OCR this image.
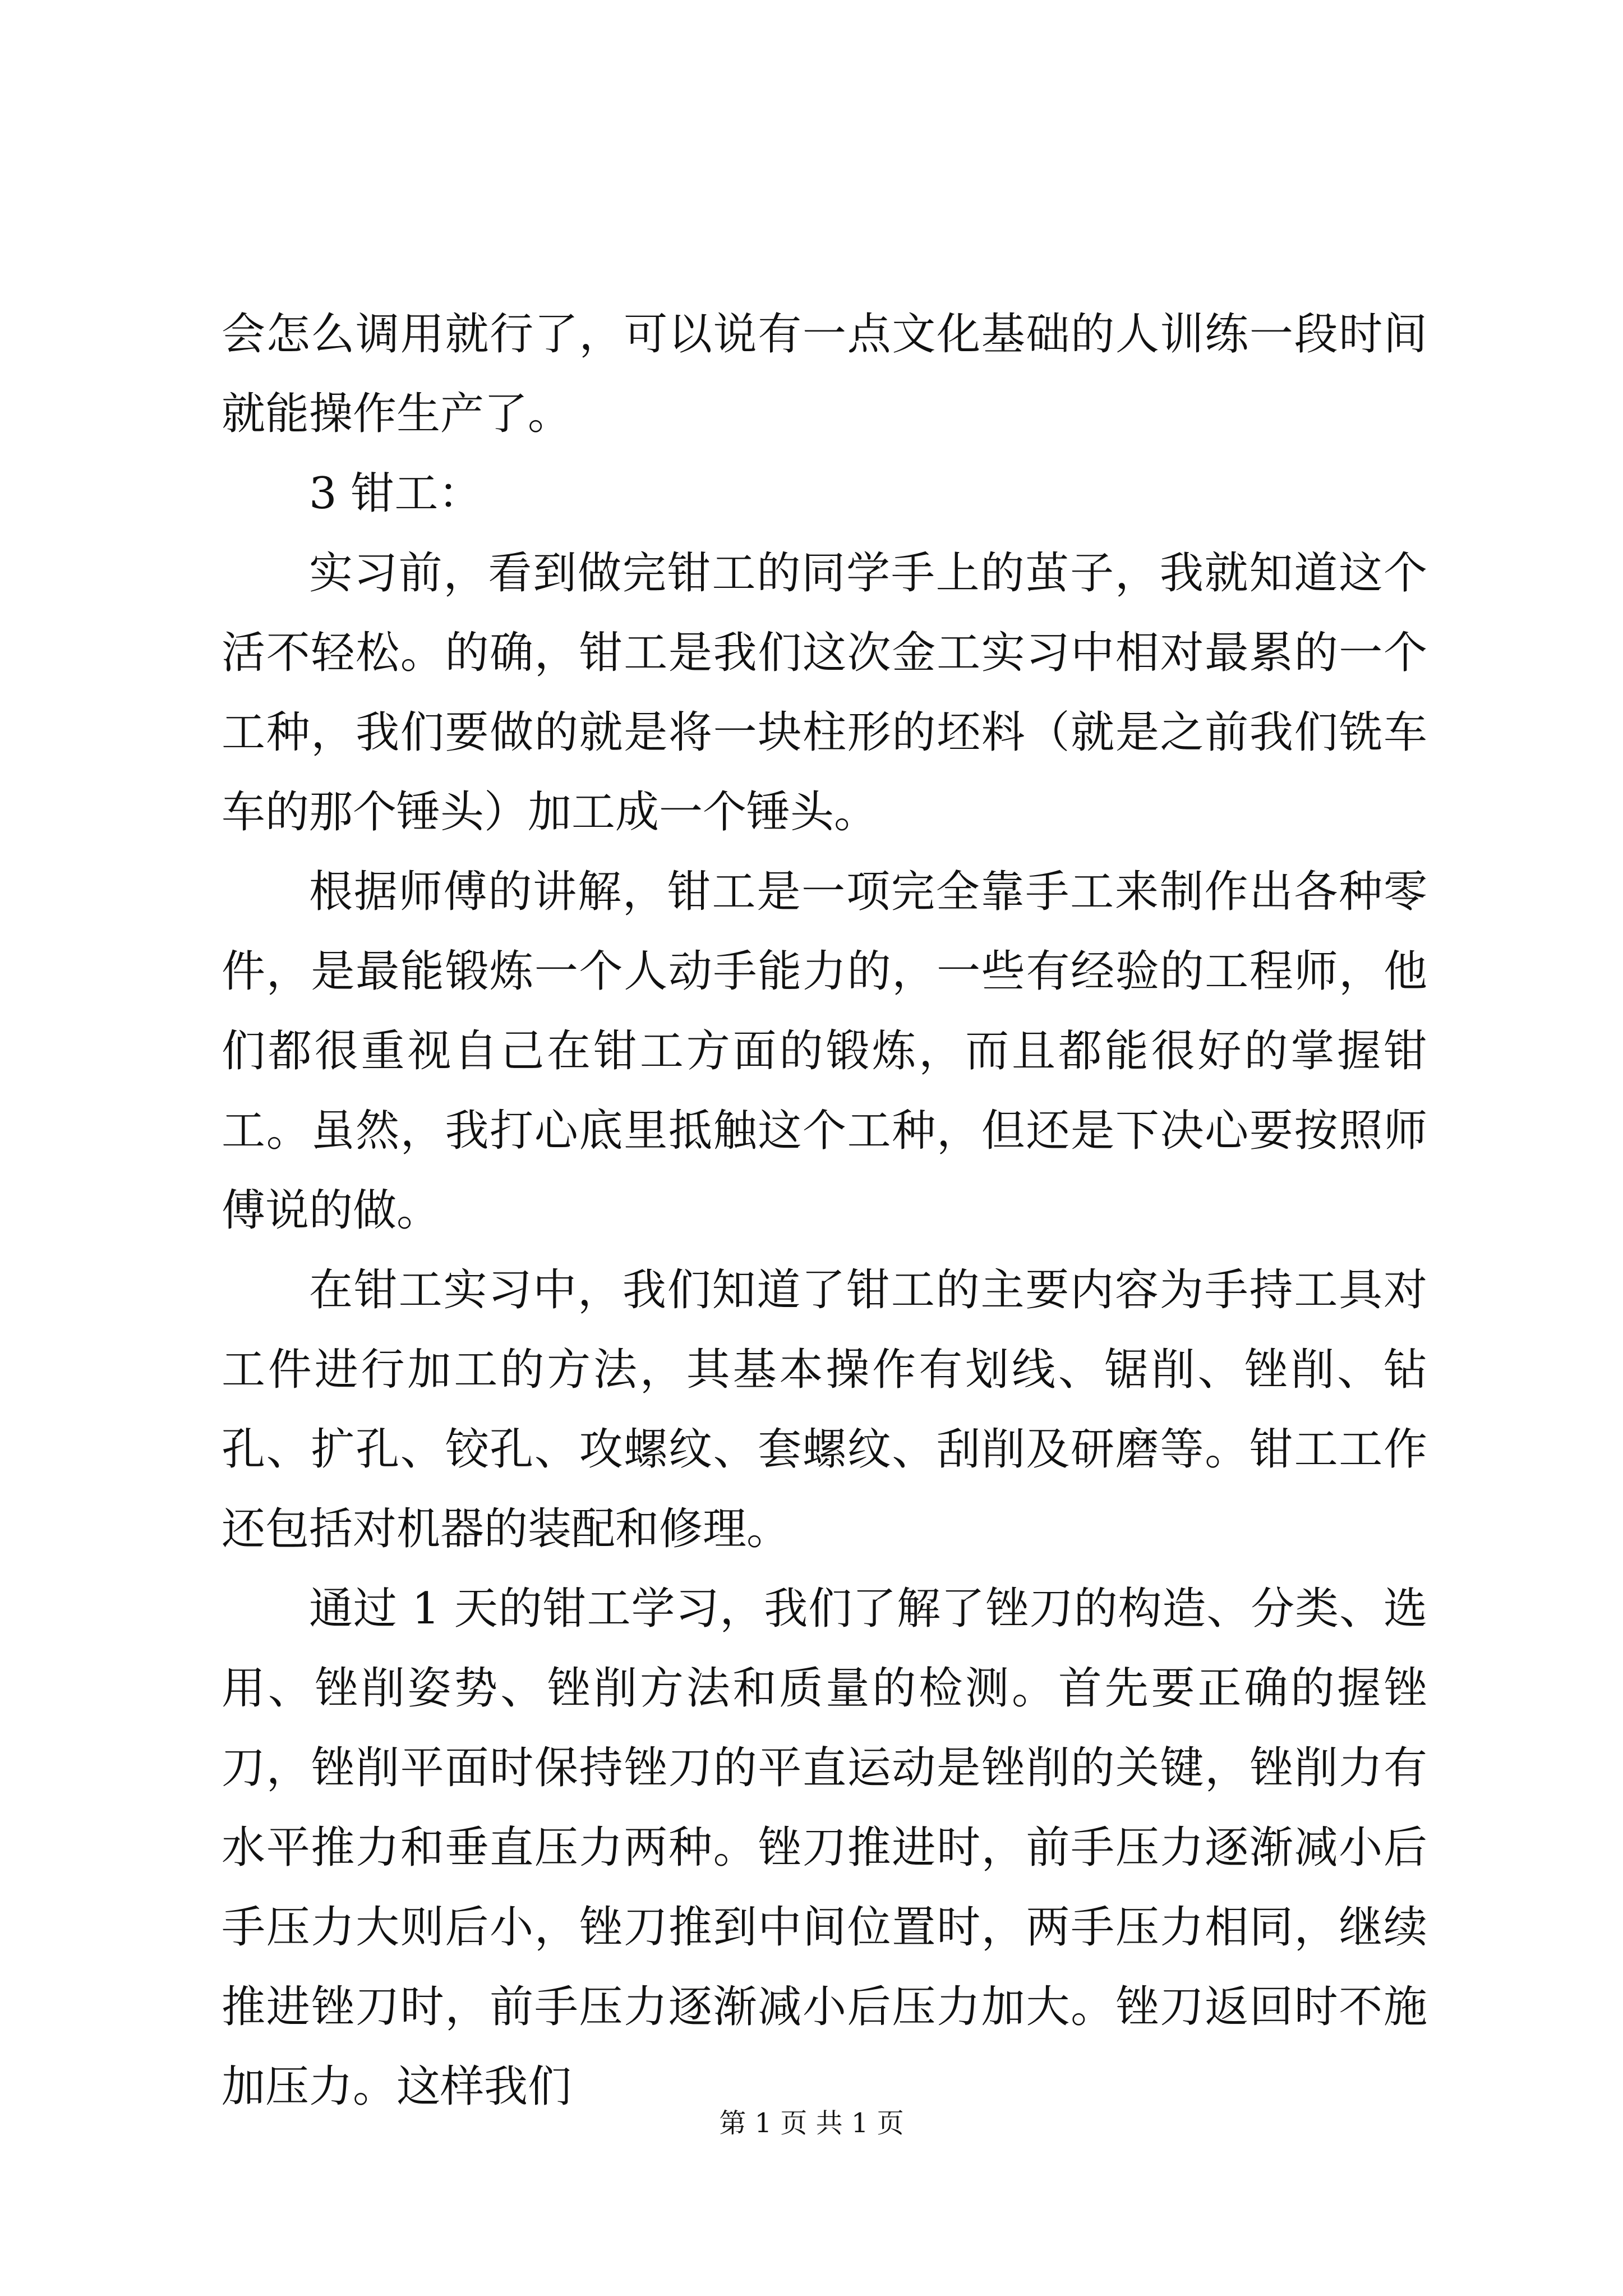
会怎么调用就行了，可以说有一点文化基础的人训练一段时间就能操作生产了。

3 钳工：

实习前，看到做完钳工的同学手上的茧子，我就知道这个活不轻松。的确，钳工是我们这次金工实习中相对最累的一个工种，我们要做的就是将一块柱形的坯料（就是之前我们铣车车的那个锤头）加工成一个锤头。

根据师傅的讲解，钳工是一项完全靠手工来制作出各种零件，是最能锻炼一个人动手能力的，一些有经验的工程师，他们都很重视自己在钳工方面的锻炼，而且都能很好的掌握钳工。虽然，我打心底里抵触这个工种，但还是下决心要按照师傅说的做。

在钳工实习中，我们知道了钳工的主要内容为手持工具对工件进行加工的方法，其基本操作有划线、锯削、锉削、钻孔、扩孔、铰孔、攻螺纹、套螺纹、刮削及研磨等。钳工工作还包括对机器的装配和修理。

通过 1 天的钳工学习，我们了解了锉刀的构造、分类、选用、锉削姿势、锉削方法和质量的检测。首先要正确的握锉刀，锉削平面时保持锉刀的平直运动是锉削的关键，锉削力有水平推力和垂直压力两种。锉刀推进时，前手压力逐渐减小后手压力大则后小，锉刀推到中间位置时，两手压力相同，继续推进锉刀时，前手压力逐渐减小后压力加大。锉刀返回时不施加压力。这样我们

第 1 页 共 1 页
